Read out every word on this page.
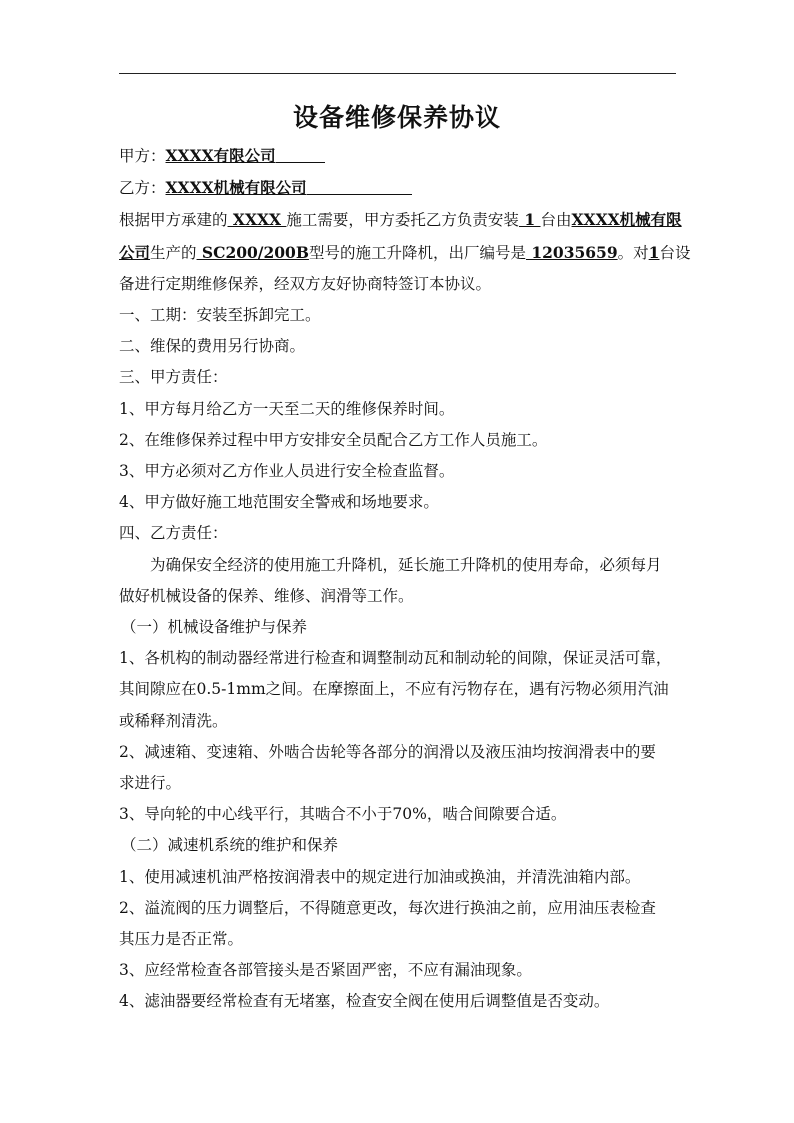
设备维修保养协议
甲方：XXXX有限公司
乙方：XXXX机械有限公司
根据甲方承建的 XXXX 施工需要，甲方委托乙方负责安装 1 台由XXXX机械有限
公司生产的 SC200/200B型号的施工升降机，出厂编号是 12035659。对1台设
备进行定期维修保养，经双方友好协商特签订本协议。
一、工期：安装至拆卸完工。
二、维保的费用另行协商。
三、甲方责任：
1、甲方每月给乙方一天至二天的维修保养时间。
2、在维修保养过程中甲方安排安全员配合乙方工作人员施工。
3、甲方必须对乙方作业人员进行安全检查监督。
4、甲方做好施工地范围安全警戒和场地要求。
四、乙方责任：
为确保安全经济的使用施工升降机，延长施工升降机的使用寿命，必须每月
做好机械设备的保养、维修、润滑等工作。
（一）机械设备维护与保养
1、各机构的制动器经常进行检查和调整制动瓦和制动轮的间隙，保证灵活可靠，
其间隙应在0.5-1mm之间。在摩擦面上，不应有污物存在，遇有污物必须用汽油
或稀释剂清洗。
2、减速箱、变速箱、外啮合齿轮等各部分的润滑以及液压油均按润滑表中的要
求进行。
3、导向轮的中心线平行，其啮合不小于70%，啮合间隙要合适。
（二）减速机系统的维护和保养
1、使用减速机油严格按润滑表中的规定进行加油或换油，并清洗油箱内部。
2、溢流阀的压力调整后，不得随意更改，每次进行换油之前，应用油压表检查
其压力是否正常。
3、应经常检查各部管接头是否紧固严密，不应有漏油现象。
4、滤油器要经常检查有无堵塞，检查安全阀在使用后调整值是否变动。
